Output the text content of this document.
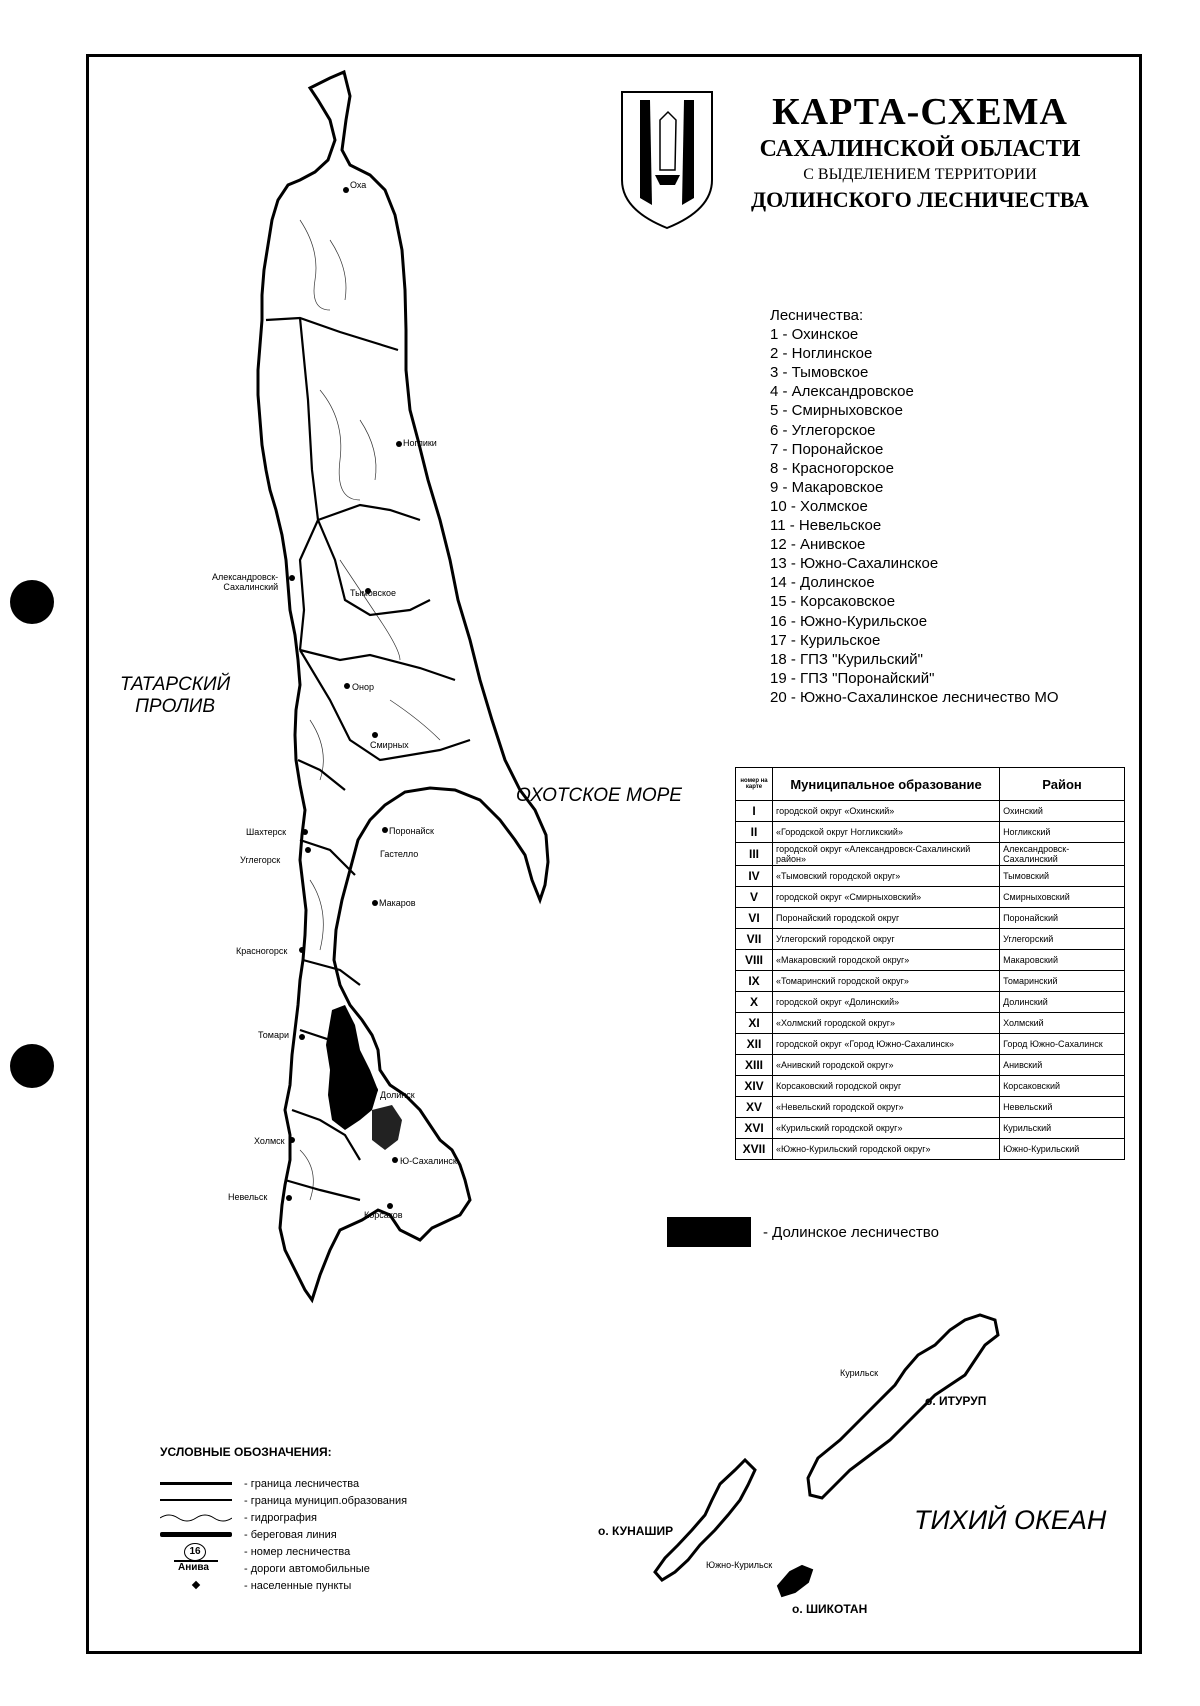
КАРТА-СХЕМА
САХАЛИНСКОЙ ОБЛАСТИ
С ВЫДЕЛЕНИЕМ ТЕРРИТОРИИ
ДОЛИНСКОГО ЛЕСНИЧЕСТВА
Лесничества:
1 - Охинское
2 - Ноглинское
3 - Тымовское
4 - Александровское
5 - Смирныховское
6 - Углегорское
7 - Поронайское
8 - Красногорское
9 - Макаровское
10 - Холмское
11 - Невельское
12 - Анивское
13 - Южно-Сахалинское
14 - Долинское
15 - Корсаковское
16 - Южно-Курильское
17 - Курильское
18 - ГПЗ "Курильский"
19 - ГПЗ "Поронайский"
20 - Южно-Сахалинское лесничество МО
номер на карте	Муниципальное образование	Район
I	городской округ «Охинский»	Охинский
II	«Городской округ Ногликский»	Ногликский
III	городской округ «Александровск-Сахалинский район»	Александровск-Сахалинский
IV	«Тымовский городской округ»	Тымовский
V	городской округ «Смирныховский»	Смирныховский
VI	Поронайский городской округ	Поронайский
VII	Углегорский городской округ	Углегорский
VIII	«Макаровский городской округ»	Макаровский
IX	«Томаринский городской округ»	Томаринский
X	городской округ «Долинский»	Долинский
XI	«Холмский городской округ»	Холмский
XII	городской округ «Город Южно-Сахалинск»	Город Южно-Сахалинск
XIII	«Анивский городской округ»	Анивский
XIV	Корсаковский городской округ	Корсаковский
XV	«Невельский городской округ»	Невельский
XVI	«Курильский городской округ»	Курильский
XVII	«Южно-Курильский городской округ»	Южно-Курильский
- Долинское лесничество
ТАТАРСКИЙ
ПРОЛИВ
ОХОТСКОЕ МОРЕ
ТИХИЙ ОКЕАН
о. ИТУРУП
о. КУНАШИР
о. ШИКОТАН
Оха
Ноглики
Александровск-
Сахалинский
Тымовское
Онор
Смирных
Шахтерск	Поронайск
Углегорск
Гастелло
Макаров
Красногорск
Томари
Долинск
Холмск
Ю-Сахалинск
Невельск
Корсаков
Курильск
Южно-Курильск
УСЛОВНЫЕ ОБОЗНАЧЕНИЯ:
- граница лесничества
- граница муницип.образования
- гидрография
- береговая линия
16	- номер лесничества
Анива	- дороги автомобильные
- населенные пункты
